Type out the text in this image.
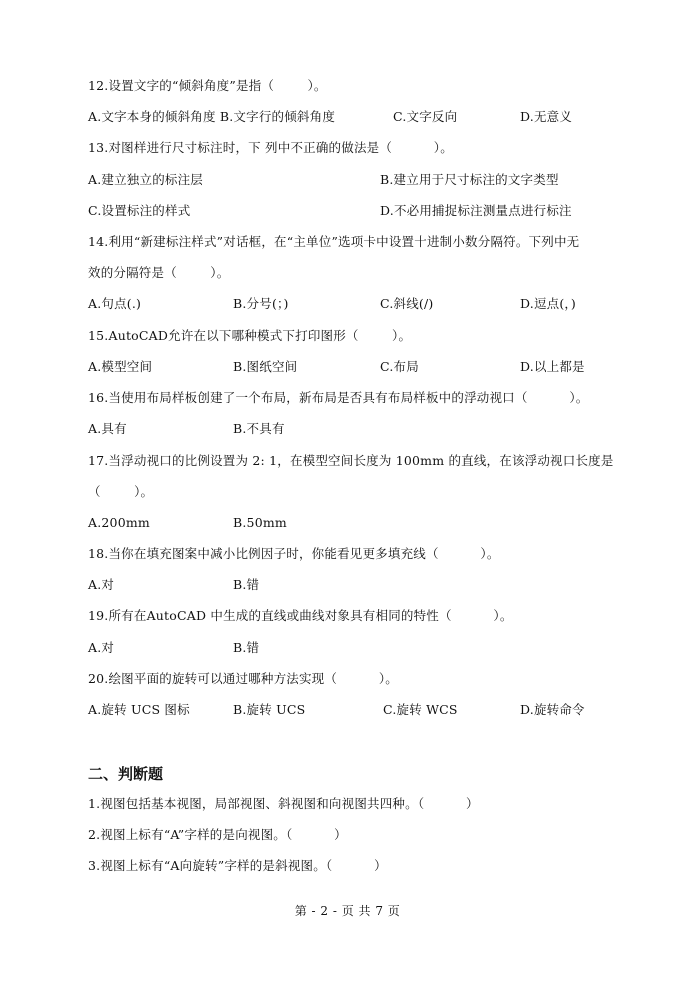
12.设置文字的“倾斜角度”是指（        ）。
A.文字本身的倾斜角度 B.文字行的倾斜角度	C.文字反向	D.无意义
13.对图样进行尺寸标注时，下 列中不正确的做法是（          ）。
A.建立独立的标注层	B.建立用于尺寸标注的文字类型
C.设置标注的样式	D.不必用捕捉标注测量点进行标注
14.利用“新建标注样式”对话框，在“主单位”选项卡中设置十进制小数分隔符。下列中无
效的分隔符是（        ）。
A.句点(.)	B.分号(；)	C.斜线(/)	D.逗点(，)
15.AutoCAD允许在以下哪种模式下打印图形（        ）。
A.模型空间	B.图纸空间	C.布局	D.以上都是
16.当使用布局样板创建了一个布局，新布局是否具有布局样板中的浮动视口（          ）。
A.具有	B.不具有
17.当浮动视口的比例设置为 2: 1，在模型空间长度为 100mm 的直线，在该浮动视口长度是
（        ）。
A.200mm	B.50mm
18.当你在填充图案中减小比例因子时，你能看见更多填充线（          ）。
A.对	B.错
19.所有在AutoCAD 中生成的直线或曲线对象具有相同的特性（          ）。
A.对	B.错
20.绘图平面的旋转可以通过哪种方法实现（          ）。
A.旋转 UCS 图标	B.旋转 UCS	C.旋转 WCS	D.旋转命令
二、判断题
1.视图包括基本视图，局部视图、斜视图和向视图共四种。（          ）
2.视图上标有“A”字样的是向视图。（          ）
3.视图上标有“A向旋转”字样的是斜视图。（          ）
第 - 2 - 页 共 7 页
